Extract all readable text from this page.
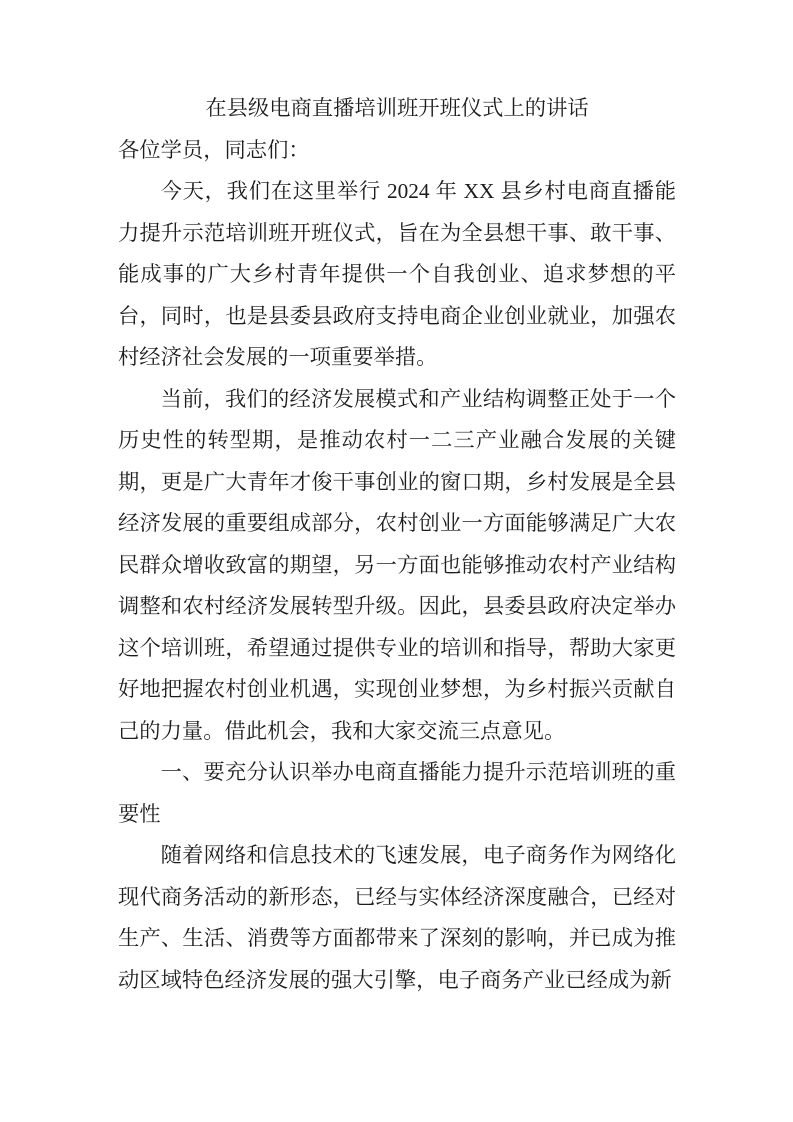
在县级电商直播培训班开班仪式上的讲话

各位学员，同志们：

今天，我们在这里举行 2024 年 XX 县乡村电商直播能力提升示范培训班开班仪式，旨在为全县想干事、敢干事、能成事的广大乡村青年提供一个自我创业、追求梦想的平台，同时，也是县委县政府支持电商企业创业就业，加强农村经济社会发展的一项重要举措。

当前，我们的经济发展模式和产业结构调整正处于一个历史性的转型期，是推动农村一二三产业融合发展的关键期，更是广大青年才俊干事创业的窗口期，乡村发展是全县经济发展的重要组成部分，农村创业一方面能够满足广大农民群众增收致富的期望，另一方面也能够推动农村产业结构调整和农村经济发展转型升级。因此，县委县政府决定举办这个培训班，希望通过提供专业的培训和指导，帮助大家更好地把握农村创业机遇，实现创业梦想，为乡村振兴贡献自己的力量。借此机会，我和大家交流三点意见。

一、要充分认识举办电商直播能力提升示范培训班的重要性

随着网络和信息技术的飞速发展，电子商务作为网络化现代商务活动的新形态，已经与实体经济深度融合，已经对生产、生活、消费等方面都带来了深刻的影响，并已成为推动区域特色经济发展的强大引擎，电子商务产业已经成为新
